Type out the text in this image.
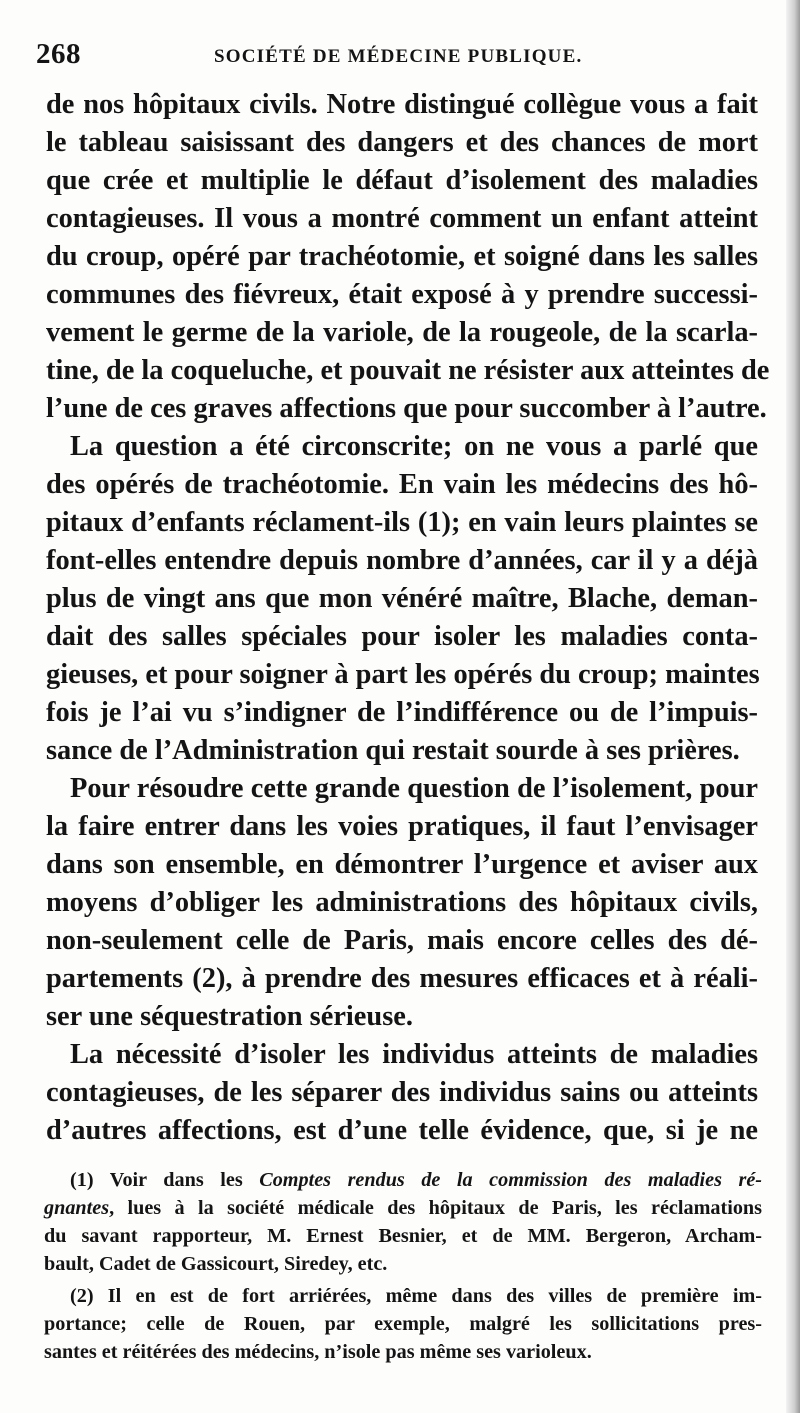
268	SOCIÉTÉ DE MÉDECINE PUBLIQUE.

de nos hôpitaux civils. Notre distingué collègue vous a fait
le tableau saisissant des dangers et des chances de mort
que crée et multiplie le défaut d’isolement des maladies
contagieuses. Il vous a montré comment un enfant atteint
du croup, opéré par trachéotomie, et soigné dans les salles
communes des fiévreux, était exposé à y prendre successi-
vement le germe de la variole, de la rougeole, de la scarla-
tine, de la coqueluche, et pouvait ne résister aux atteintes de
l’une de ces graves affections que pour succomber à l’autre.

La question a été circonscrite; on ne vous a parlé que
des opérés de trachéotomie. En vain les médecins des hô-
pitaux d’enfants réclament-ils (1); en vain leurs plaintes se
font-elles entendre depuis nombre d’années, car il y a déjà
plus de vingt ans que mon vénéré maître, Blache, deman-
dait des salles spéciales pour isoler les maladies conta-
gieuses, et pour soigner à part les opérés du croup; maintes
fois je l’ai vu s’indigner de l’indifférence ou de l’impuis-
sance de l’Administration qui restait sourde à ses prières.

Pour résoudre cette grande question de l’isolement, pour
la faire entrer dans les voies pratiques, il faut l’envisager
dans son ensemble, en démontrer l’urgence et aviser aux
moyens d’obliger les administrations des hôpitaux civils,
non-seulement celle de Paris, mais encore celles des dé-
partements (2), à prendre des mesures efficaces et à réali-
ser une séquestration sérieuse.

La nécessité d’isoler les individus atteints de maladies
contagieuses, de les séparer des individus sains ou atteints
d’autres affections, est d’une telle évidence, que, si je ne

(1) Voir dans les Comptes rendus de la commission des maladies ré-
gnantes, lues à la société médicale des hôpitaux de Paris, les réclamations
du savant rapporteur, M. Ernest Besnier, et de MM. Bergeron, Archam-
bault, Cadet de Gassicourt, Siredey, etc.
(2) Il en est de fort arriérées, même dans des villes de première im-
portance; celle de Rouen, par exemple, malgré les sollicitations pres-
santes et réitérées des médecins, n’isole pas même ses varioleux.
